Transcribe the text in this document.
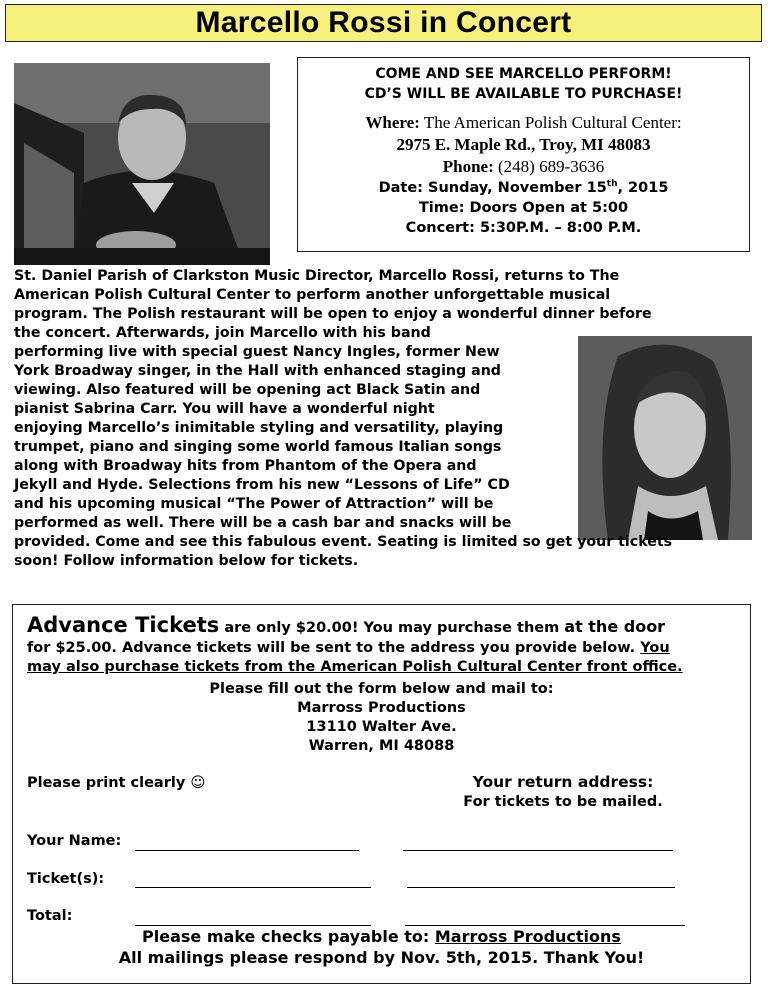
Marcello Rossi in Concert
COME AND SEE MARCELLO PERFORM!
CD’S WILL BE AVAILABLE TO PURCHASE!
Where: The American Polish Cultural Center:
2975 E. Maple Rd., Troy, MI 48083
Phone: (248) 689-3636
Date: Sunday, November 15th, 2015
Time: Doors Open at 5:00
Concert: 5:30P.M. – 8:00 P.M.
St. Daniel Parish of Clarkston Music Director, Marcello Rossi, returns to The
American Polish Cultural Center to perform another unforgettable musical
program. The Polish restaurant will be open to enjoy a wonderful dinner before
the concert. Afterwards, join Marcello with his band
performing live with special guest Nancy Ingles, former New
York Broadway singer, in the Hall with enhanced staging and
viewing. Also featured will be opening act Black Satin and
pianist Sabrina Carr. You will have a wonderful night
enjoying Marcello’s inimitable styling and versatility, playing
trumpet, piano and singing some world famous Italian songs
along with Broadway hits from Phantom of the Opera and
Jekyll and Hyde. Selections from his new “Lessons of Life” CD
and his upcoming musical “The Power of Attraction” will be
performed as well. There will be a cash bar and snacks will be
provided. Come and see this fabulous event. Seating is limited so get your tickets
soon! Follow information below for tickets.
Advance Tickets are only $20.00! You may purchase them at the door
for $25.00. Advance tickets will be sent to the address you provide below. You
may also purchase tickets from the American Polish Cultural Center front office.
Please fill out the form below and mail to:
Marross Productions
13110 Walter Ave.
Warren, MI 48088
Please print clearly ☺	Your return address:
For tickets to be mailed.
Your Name:
Ticket(s):
Total:
Please make checks payable to: Marross Productions
All mailings please respond by Nov. 5th, 2015. Thank You!
